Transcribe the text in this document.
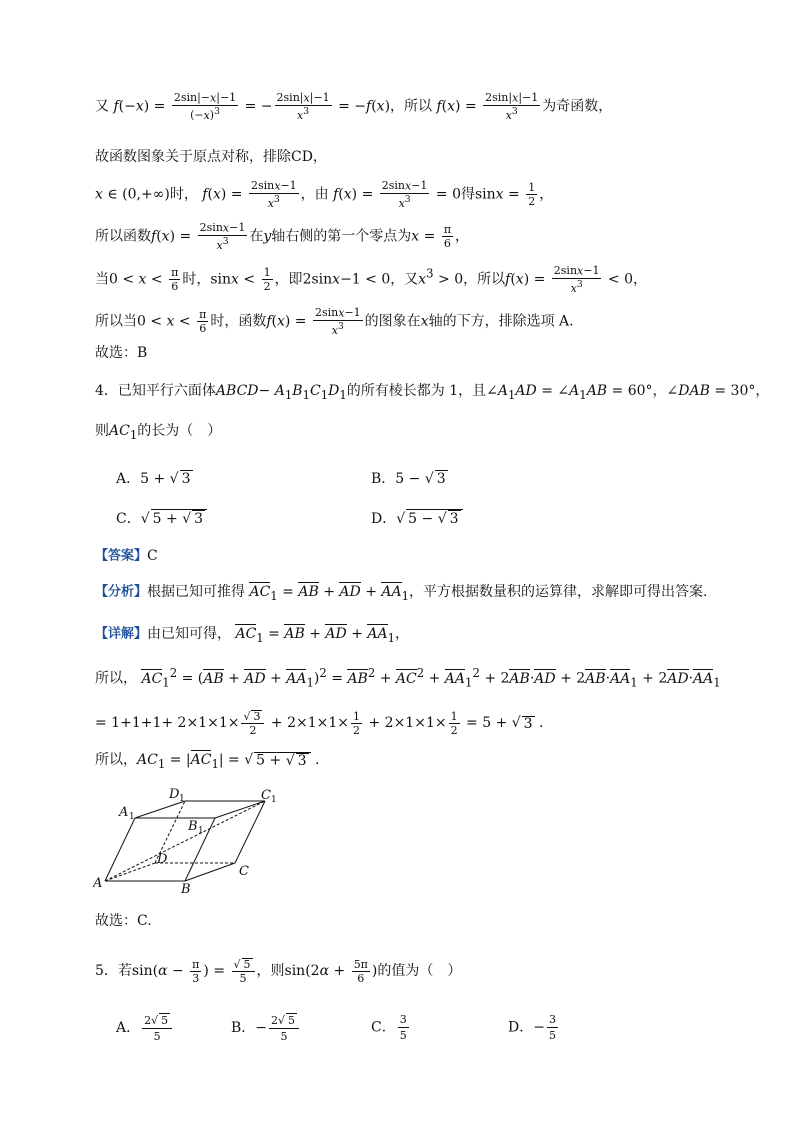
又 $f(-x) = \frac{2\sin|-x|-1}{(-x)^3}$ = − $\frac{2\sin|x|-1}{x^3} = -f(x)$，所以 $f(x) = \frac{2\sin|x|-1}{x^3}$ 为奇函数，
故函数图象关于原点对称，排除CD，
x ∈ (0,+∞)时， $f(x) = \frac{2\sin x-1}{x^3}$ ，由 $f(x) = \frac{2\sin x-1}{x^3} = 0$得$\sin x = \frac{1}{2}$ ，
所以函数$f(x) = \frac{2\sin x-1}{x^3}$ 在y轴右侧的第一个零点为$x = \frac{\pi}{6}$ ，
当$0 < x < \frac{\pi}{6}$ 时，$\sin x < \frac{1}{2}$ ，即2sinx−1 < 0，又$x^3 > 0$，所以$f(x) = \frac{2\sin x-1}{x^3} < 0$，
所以当$0 < x < \frac{\pi}{6}$ 时，函数$f(x) = \frac{2\sin x-1}{x^3}$ 的图象在x轴的下方，排除选项 A.
故选：B
4．已知平行六面体ABCD− $A_1B_1C_1D_1$的所有棱长都为 1，且$\angle A_1AD$ = $\angle A_1AB = 60^\circ$，∠DAB = 30°，
则$AC_1$的长为（　）
A．5 + √ 3	B．5 − √ 3
C． √ 5 + √ 3	D． √ 5 − √ 3
【答案】C
【分析】根据已知可推得 $AC_1$ = AB + AD + $AA_1$，平方根据数量积的运算律，求解即可得出答案.
【详解】由已知可得， $AC_1$ = AB + AD + $AA_1$，
所以， $AC_1^2 = (AB$ + AD + $AA_1)^2 = AB^2 + AC^2 + AA_1^2 + 2AB\cdot AD + 2AB\cdot AA_1 + 2AD\cdot AA_1$
= 1+1+1+ 2×1×1× √ $\frac{3}{2} + 2\times 1\times 1\times \frac{1}{2} + 2\times 1\times 1\times \frac{1}{2} = 5$ + √ 3 .
所以，$AC_1 = |AC_1|$ = √ 5 + √ 3 .
A	B
C
D
A 1
B 1
C 1
D 1
故选：C.
5．若$\sin(\alpha - \frac{\pi}{3}$ ) = √ $\frac{5}{5}$ ，则$\sin(2\alpha + \frac{5\pi}{6}$ )的值为（　）
A． $\frac{2 √ 5}{5}$	B．− $\frac{2 √ 5}{5}$	C． $\frac{3}{5}$	D．− $\frac{3}{5}$
